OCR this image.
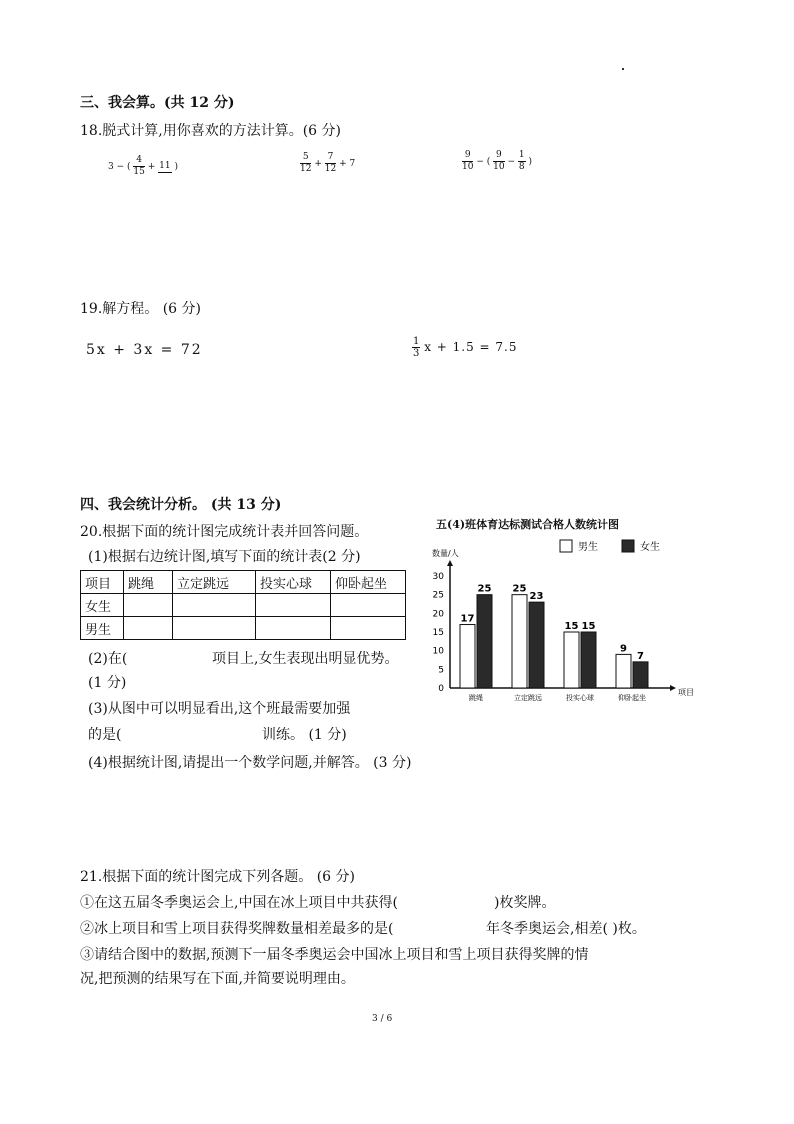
三、我会算。(共 12 分)
18.脱式计算,用你喜欢的方法计算。(6 分)
3 − ( $\frac{4}{15} + 11$ )	$\frac{5}{12} + \frac{7}{12} + 7$	$\frac{9}{10}$ − ( $\frac{9}{10} - \frac{1}{8}$ )
19.解方程。 (6 分)
5x + 3x = 72	$\frac{1}{3}$ x + 1.5 = 7.5
四、我会统计分析。 (共 13 分)
20.根据下面的统计图完成统计表并回答问题。
(1)根据右边统计图,填写下面的统计表(2 分)
项目	跳绳	立定跳远	投实心球	仰卧起坐
女生				
男生				
(2)在(	项目上,女生表现出明显优势。
(1 分)
(3)从图中可以明显看出,这个班最需要加强
的是(	训练。 (1 分)
(4)根据统计图,请提出一个数学问题,并解答。 (3 分)
五(4)班体育达标测试合格人数统计图
数量/人
项目
0
5
10
15
20
25
30
17
25
跳绳
25
23
立定跳远
15 15
投实心球
9
7
仰卧起坐
男生	女生
21.根据下面的统计图完成下列各题。 (6 分)
①在这五届冬季奥运会上,中国在冰上项目中共获得(	)枚奖牌。
②冰上项目和雪上项目获得奖牌数量相差最多的是(	年冬季奥运会,相差( )枚。
③请结合图中的数据,预测下一届冬季奥运会中国冰上项目和雪上项目获得奖牌的情
况,把预测的结果写在下面,并简要说明理由。
3 / 6
